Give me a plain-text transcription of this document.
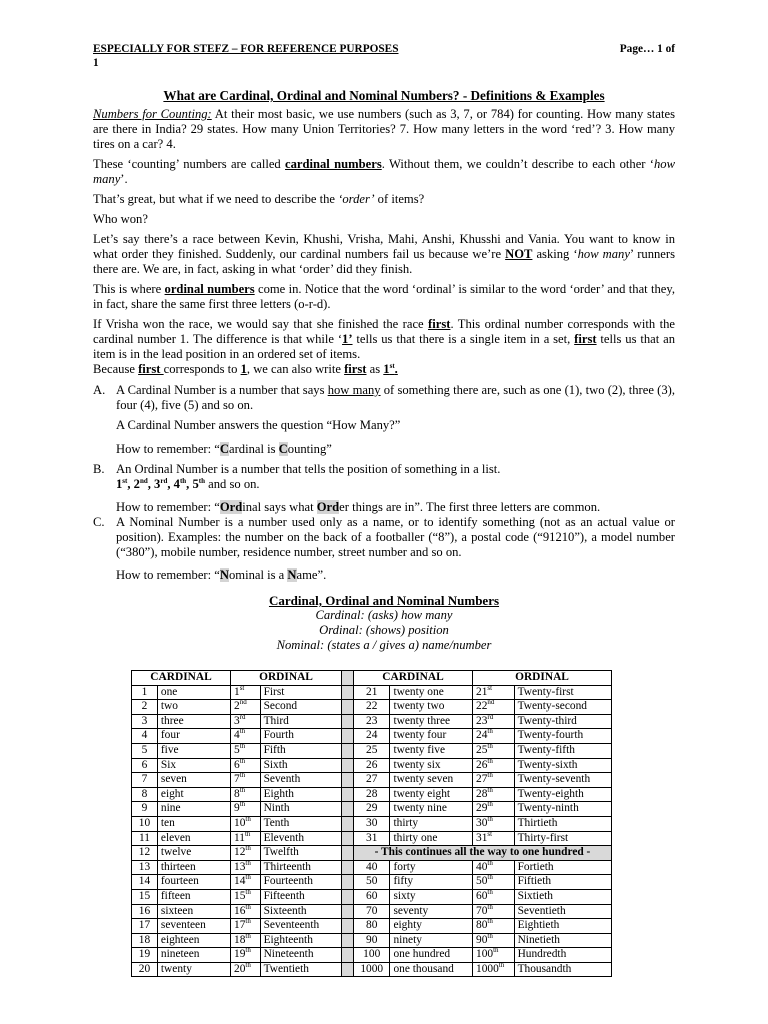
ESPECIALLY FOR STEFZ – FOR REFERENCE PURPOSES	Page… 1 of
1
What are Cardinal, Ordinal and Nominal Numbers? - Definitions & Examples

Numbers for Counting: At their most basic, we use numbers (such as 3, 7, or 784) for counting. How many states are there in India? 29 states. How many Union Territories? 7. How many letters in the word ‘red’? 3. How many tires on a car? 4.

These ‘counting’ numbers are called cardinal numbers. Without them, we couldn’t describe to each other ‘how many’.

That’s great, but what if we need to describe the ‘order’ of items?

Who won?

Let’s say there’s a race between Kevin, Khushi, Vrisha, Mahi, Anshi, Khusshi and Vania. You want to know in what order they finished. Suddenly, our cardinal numbers fail us because we’re NOT asking ‘how many’ runners there are. We are, in fact, asking in what ‘order’ did they finish.

This is where ordinal numbers come in. Notice that the word ‘ordinal’ is similar to the word ‘order’ and that they, in fact, share the same first three letters (o-r-d).

If Vrisha won the race, we would say that she finished the race first. This ordinal number corresponds with the cardinal number 1. The difference is that while ‘1’ tells us that there is a single item in a set, first tells us that an item is in the lead position in an ordered set of items.

Because first corresponds to 1, we can also write first as 1st.

A. A Cardinal Number is a number that says how many of something there are, such as one (1), two (2), three (3), four (4), five (5) and so on.

A Cardinal Number answers the question “How Many?”

How to remember: “Cardinal is Counting”

B. An Ordinal Number is a number that tells the position of something in a list.

1st, 2nd, 3rd, 4th, 5th and so on.

How to remember: “Ordinal says what Order things are in”. The first three letters are common.

C. A Nominal Number is a number used only as a name, or to identify something (not as an actual value or position). Examples: the number on the back of a footballer (“8”), a postal code (“91210”), a model number (“380”), mobile number, residence number, street number and so on.

How to remember: “Nominal is a Name”.

Cardinal, Ordinal and Nominal Numbers
Cardinal: (asks) how many
Ordinal: (shows) position
Nominal: (states a / gives a) name/number
CARDINAL		ORDINAL			CARDINAL		ORDINAL	
1	one	1st	First		21	twenty one	21st	Twenty-first
2	two	2nd	Second		22	twenty two	22nd	Twenty-second
3	three	3rd	Third		23	twenty three	23rd	Twenty-third
4	four	4th	Fourth		24	twenty four	24th	Twenty-fourth
5	five	5th	Fifth		25	twenty five	25th	Twenty-fifth
6	Six	6th	Sixth		26	twenty six	26th	Twenty-sixth
7	seven	7th	Seventh		27	twenty seven	27th	Twenty-seventh
8	eight	8th	Eighth		28	twenty eight	28th	Twenty-eighth
9	nine	9th	Ninth		29	twenty nine	29th	Twenty-ninth
10	ten	10th	Tenth		30	thirty	30th	Thirtieth
11	eleven	11th	Eleventh		31	thirty one	31st	Thirty-first
12	twelve	12th	Twelfth		- This continues all the way to one hundred -			
13	thirteen	13th	Thirteenth		40	forty	40th	Fortieth
14	fourteen	14th	Fourteenth		50	fifty	50th	Fiftieth
15	fifteen	15th	Fifteenth		60	sixty	60th	Sixtieth
16	sixteen	16th	Sixteenth		70	seventy	70th	Seventieth
17	seventeen	17th	Seventeenth		80	eighty	80th	Eightieth
18	eighteen	18th	Eighteenth		90	ninety	90th	Ninetieth
19	nineteen	19th	Nineteenth		100	one hundred	100th	Hundredth
20	twenty	20th	Twentieth		1000	one thousand	1000th	Thousandth
